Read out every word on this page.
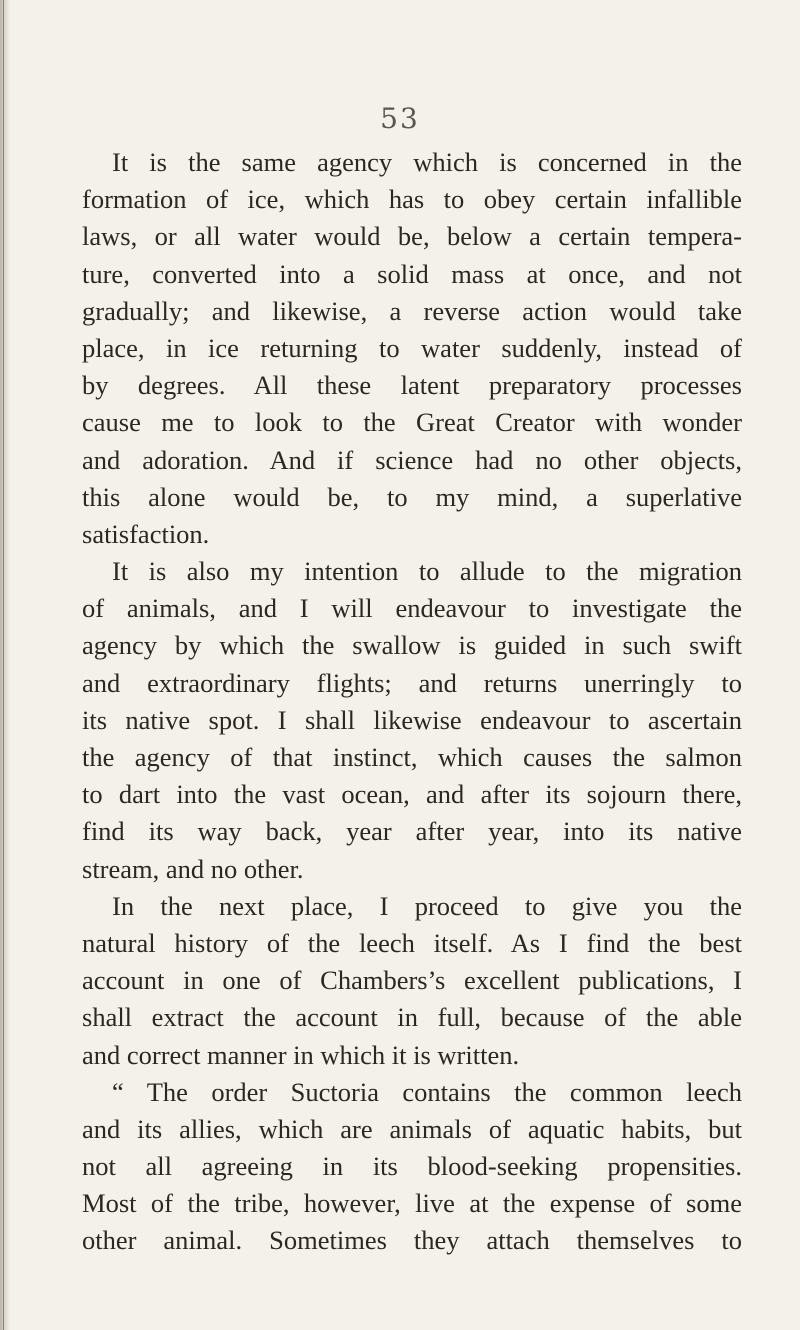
53
It is the same agency which is concerned in the
formation of ice, which has to obey certain infallible
laws, or all water would be, below a certain tempera-
ture, converted into a solid mass at once, and not
gradually; and likewise, a reverse action would take
place, in ice returning to water suddenly, instead of
by degrees. All these latent preparatory processes
cause me to look to the Great Creator with wonder
and adoration. And if science had no other objects,
this alone would be, to my mind, a superlative
satisfaction.
It is also my intention to allude to the migration
of animals, and I will endeavour to investigate the
agency by which the swallow is guided in such swift
and extraordinary flights; and returns unerringly to
its native spot. I shall likewise endeavour to ascertain
the agency of that instinct, which causes the salmon
to dart into the vast ocean, and after its sojourn there,
find its way back, year after year, into its native
stream, and no other.
In the next place, I proceed to give you the
natural history of the leech itself. As I find the best
account in one of Chambers’s excellent publications, I
shall extract the account in full, because of the able
and correct manner in which it is written.
“ The order Suctoria contains the common leech
and its allies, which are animals of aquatic habits, but
not all agreeing in its blood-seeking propensities.
Most of the tribe, however, live at the expense of some
other animal. Sometimes they attach themselves to
